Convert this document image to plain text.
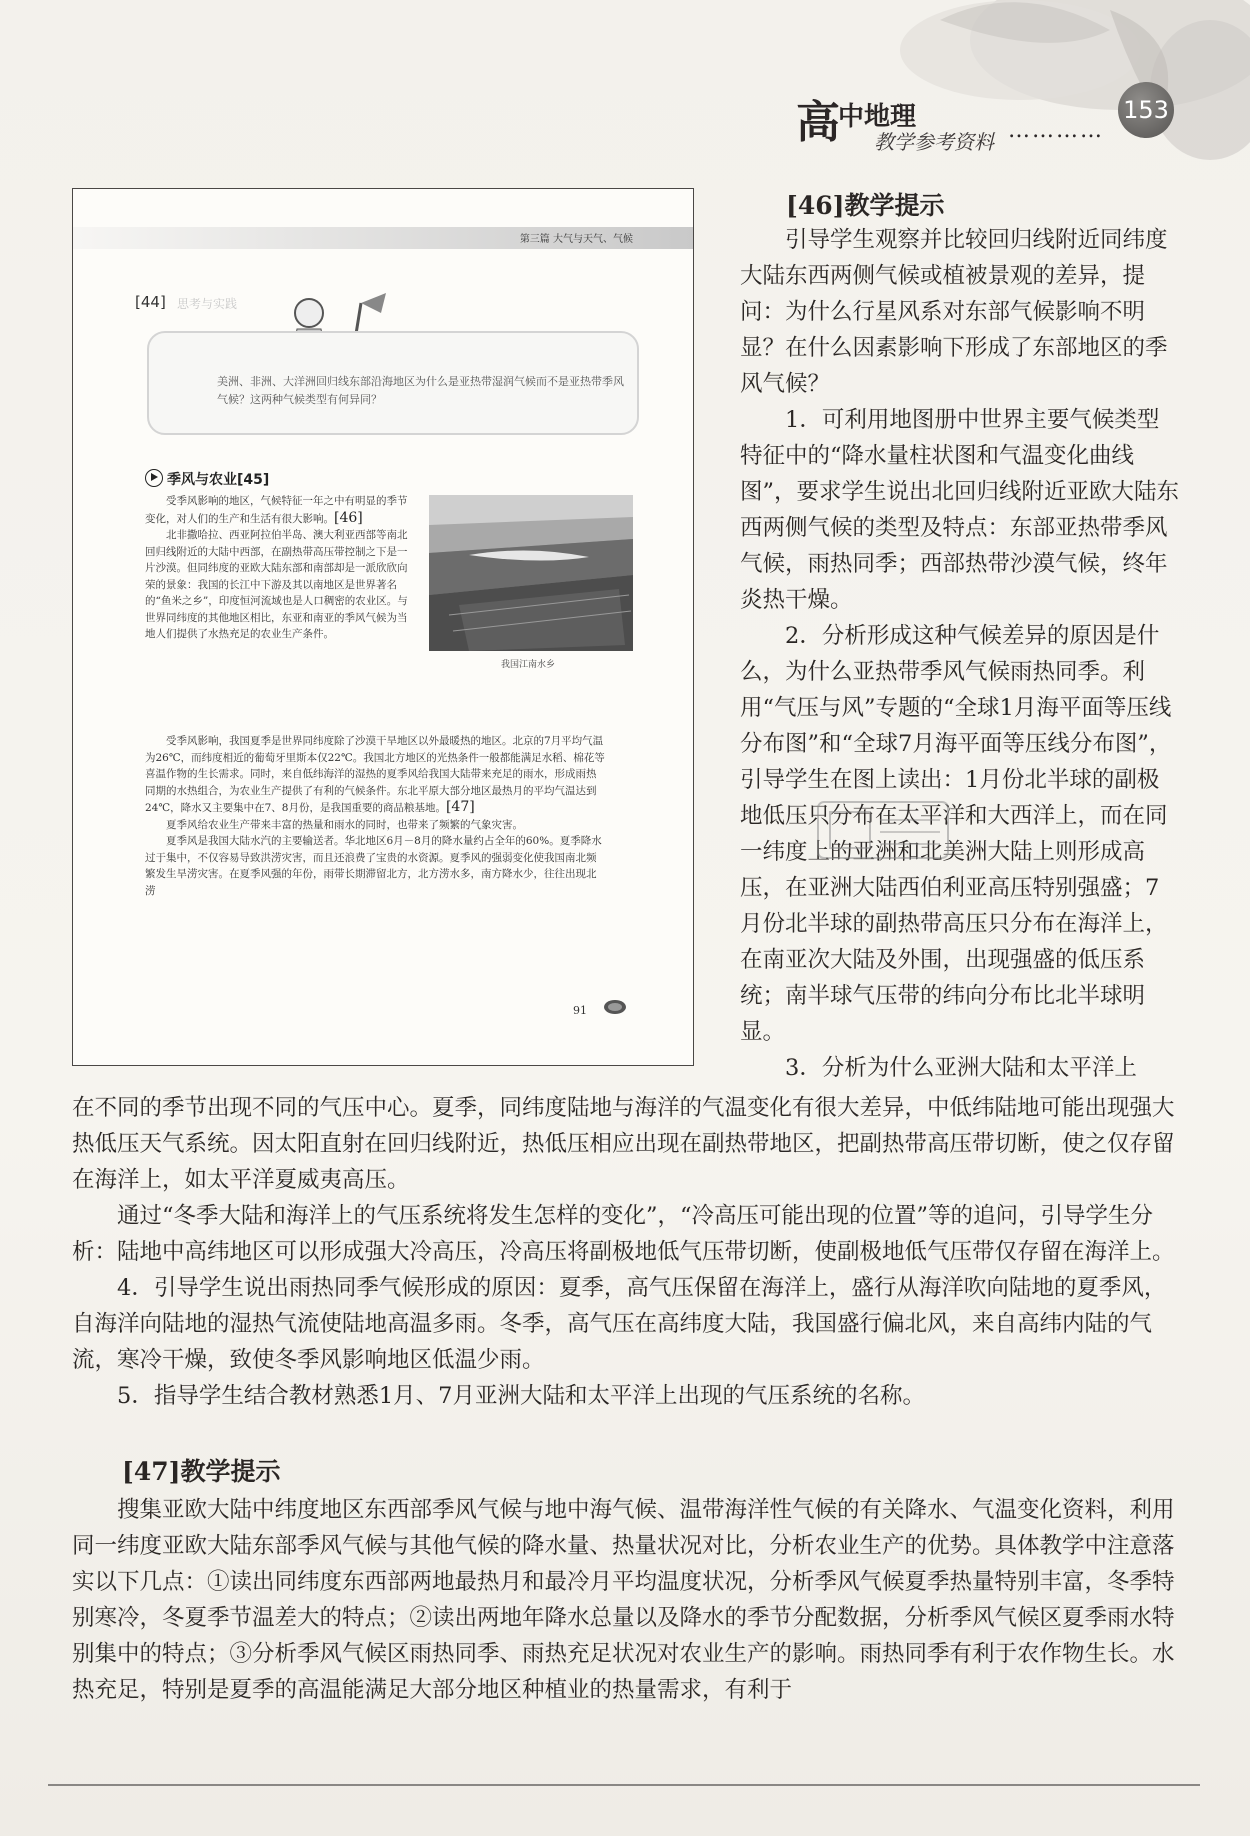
高
中地理
教学参考资料 …………
153
第三篇 大气与天气、气候
[44] 思考与实践
美洲、非洲、大洋洲回归线东部沿海地区为什么是亚热带湿润气候而不是亚热带季风气候？这两种气候类型有何异同？
季风与农业[45]

受季风影响的地区，气候特征一年之中有明显的季节变化，对人们的生产和生活有很大影响。[46]

北非撒哈拉、西亚阿拉伯半岛、澳大利亚西部等南北回归线附近的大陆中西部，在副热带高压带控制之下是一片沙漠。但同纬度的亚欧大陆东部和南部却是一派欣欣向荣的景象：我国的长江中下游及其以南地区是世界著名的“鱼米之乡”，印度恒河流域也是人口稠密的农业区。与世界同纬度的其他地区相比，东亚和南亚的季风气候为当地人们提供了水热充足的农业生产条件。

我国江南水乡

受季风影响，我国夏季是世界同纬度除了沙漠干旱地区以外最暖热的地区。北京的7月平均气温为26℃，而纬度相近的葡萄牙里斯本仅22℃。我国北方地区的光热条件一般都能满足水稻、棉花等喜温作物的生长需求。同时，来自低纬海洋的湿热的夏季风给我国大陆带来充足的雨水，形成雨热同期的水热组合，为农业生产提供了有利的气候条件。东北平原大部分地区最热月的平均气温达到24℃，降水又主要集中在7、8月份，是我国重要的商品粮基地。[47]

夏季风给农业生产带来丰富的热量和雨水的同时，也带来了频繁的气象灾害。

夏季风是我国大陆水汽的主要输送者。华北地区6月－8月的降水量约占全年的60%。夏季降水过于集中，不仅容易导致洪涝灾害，而且还浪费了宝贵的水资源。夏季风的强弱变化使我国南北频繁发生旱涝灾害。在夏季风强的年份，雨带长期滞留北方，北方涝水多，南方降水少，往往出现北涝

91
[46]教学提示

引导学生观察并比较回归线附近同纬度大陆东西两侧气候或植被景观的差异，提问：为什么行星风系对东部气候影响不明显？在什么因素影响下形成了东部地区的季风气候？

1．可利用地图册中世界主要气候类型特征中的“降水量柱状图和气温变化曲线图”，要求学生说出北回归线附近亚欧大陆东西两侧气候的类型及特点：东部亚热带季风气候，雨热同季；西部热带沙漠气候，终年炎热干燥。

2．分析形成这种气候差异的原因是什么，为什么亚热带季风气候雨热同季。利用“气压与风”专题的“全球1月海平面等压线分布图”和“全球7月海平面等压线分布图”，引导学生在图上读出：1月份北半球的副极地低压只分布在太平洋和大西洋上，而在同一纬度上的亚洲和北美洲大陆上则形成高压，在亚洲大陆西伯利亚高压特别强盛；7月份北半球的副热带高压只分布在海洋上，在南亚次大陆及外围，出现强盛的低压系统；南半球气压带的纬向分布比北半球明显。

3．分析为什么亚洲大陆和太平洋上

在不同的季节出现不同的气压中心。夏季，同纬度陆地与海洋的气温变化有很大差异，中低纬陆地可能出现强大热低压天气系统。因太阳直射在回归线附近，热低压相应出现在副热带地区，把副热带高压带切断，使之仅存留在海洋上，如太平洋夏威夷高压。

通过“冬季大陆和海洋上的气压系统将发生怎样的变化”，“冷高压可能出现的位置”等的追问，引导学生分析：陆地中高纬地区可以形成强大冷高压，冷高压将副极地低气压带切断，使副极地低气压带仅存留在海洋上。

4．引导学生说出雨热同季气候形成的原因：夏季，高气压保留在海洋上，盛行从海洋吹向陆地的夏季风，自海洋向陆地的湿热气流使陆地高温多雨。冬季，高气压在高纬度大陆，我国盛行偏北风，来自高纬内陆的气流，寒冷干燥，致使冬季风影响地区低温少雨。

5．指导学生结合教材熟悉1月、7月亚洲大陆和太平洋上出现的气压系统的名称。

[47]教学提示

搜集亚欧大陆中纬度地区东西部季风气候与地中海气候、温带海洋性气候的有关降水、气温变化资料，利用同一纬度亚欧大陆东部季风气候与其他气候的降水量、热量状况对比，分析农业生产的优势。具体教学中注意落实以下几点：①读出同纬度东西部两地最热月和最冷月平均温度状况，分析季风气候夏季热量特别丰富，冬季特别寒冷，冬夏季节温差大的特点；②读出两地年降水总量以及降水的季节分配数据，分析季风气候区夏季雨水特别集中的特点；③分析季风气候区雨热同季、雨热充足状况对农业生产的影响。雨热同季有利于农作物生长。水热充足，特别是夏季的高温能满足大部分地区种植业的热量需求，有利于
